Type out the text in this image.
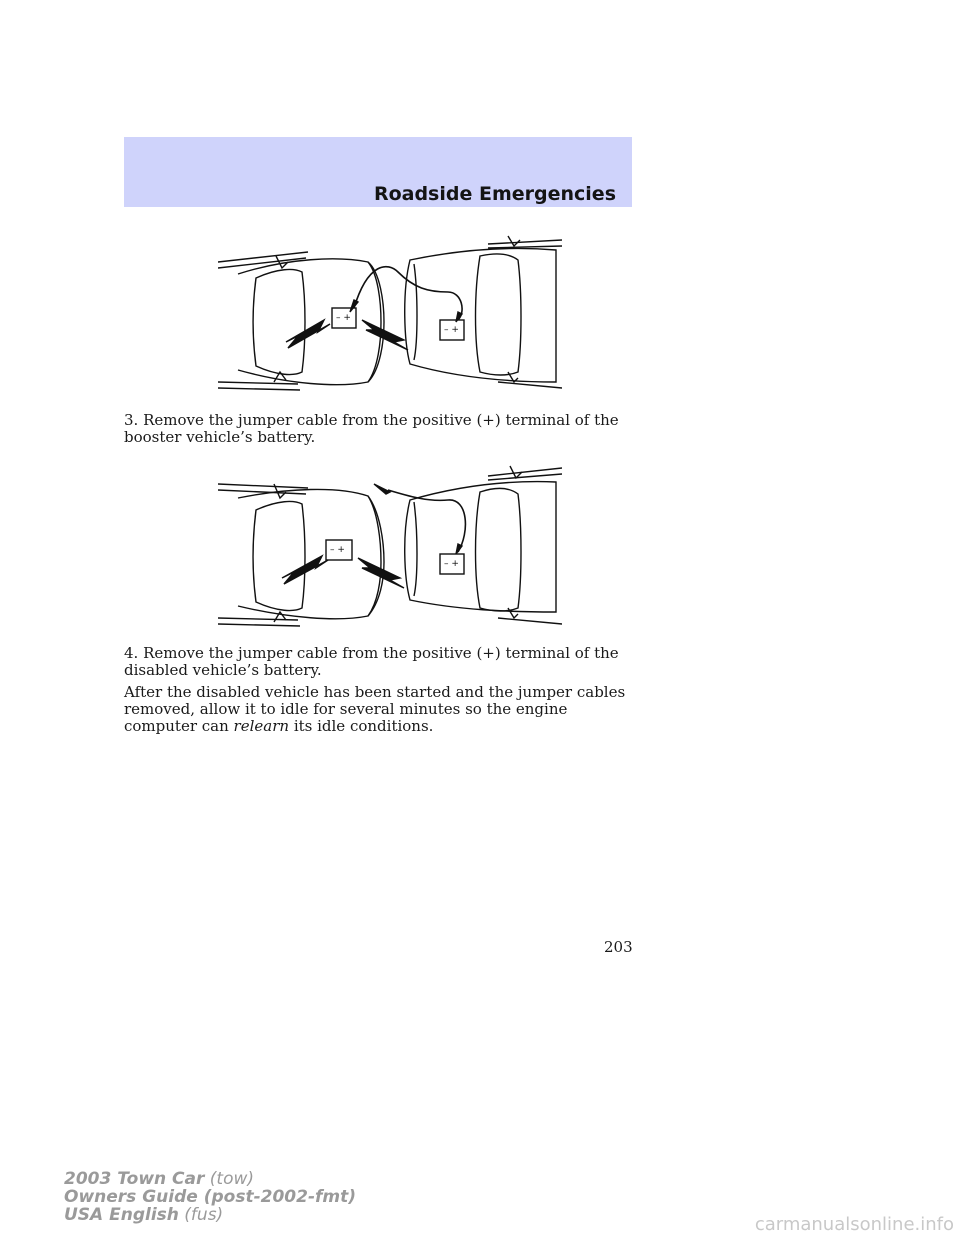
Roadside Emergencies
– +
– +

3. Remove the jumper cable from the positive (+) terminal of the booster vehicle’s battery.

– +
– +

4. Remove the jumper cable from the positive (+) terminal of the disabled vehicle’s battery.

After the disabled vehicle has been started and the jumper cables removed, allow it to idle for several minutes so the engine computer can relearn its idle conditions.

203
2003 Town Car (tow)
Owners Guide (post-2002-fmt)
USA English (fus)	carmanualsonline.info
